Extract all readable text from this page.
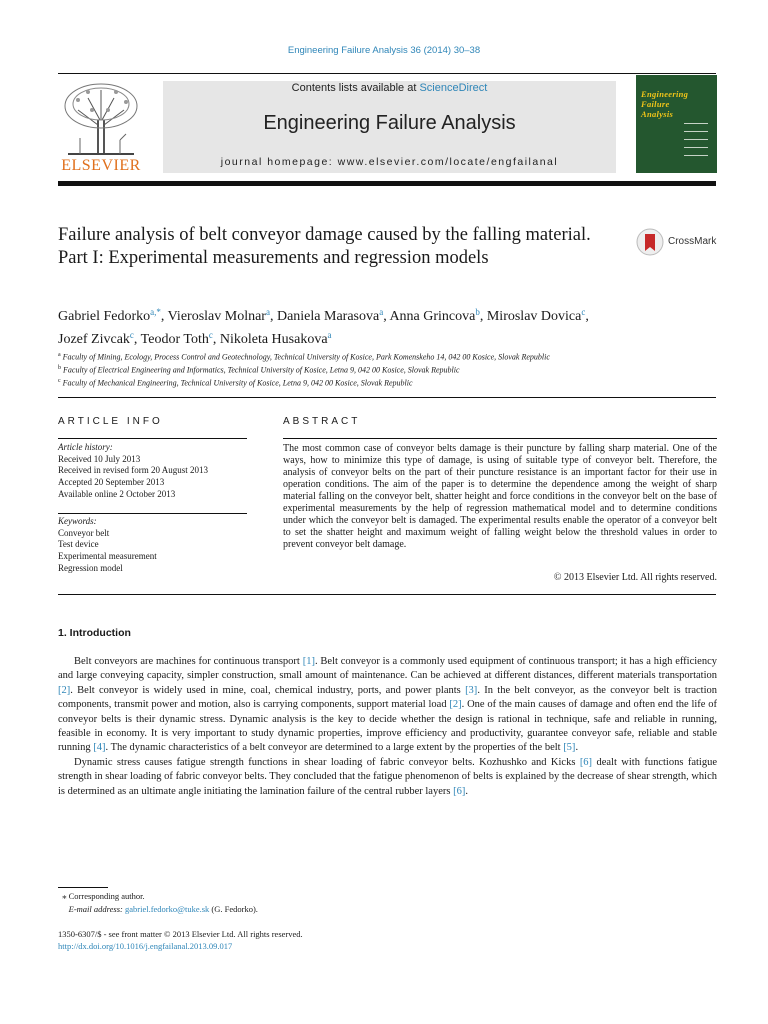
Engineering Failure Analysis 36 (2014) 30–38
ELSEVIER
Contents lists available at ScienceDirect
Engineering Failure Analysis
journal homepage: www.elsevier.com/locate/engfailanal
Engineering
Failure
Analysis
Failure analysis of belt conveyor damage caused by the falling material. Part I: Experimental measurements and regression models
CrossMark
Gabriel Fedorko$^{a,*}$, Vieroslav Molnar$^a$, Daniela Marasova$^a$, Anna Grincova$^b$, Miroslav Dovica$^c$,
Jozef Zivcak$^c$, Teodor Toth$^c$, Nikoleta Husakova$^a$
$^a$ Faculty of Mining, Ecology, Process Control and Geotechnology, Technical University of Kosice, Park Komenskeho 14, 042 00 Kosice, Slovak Republic
$^b$ Faculty of Electrical Engineering and Informatics, Technical University of Kosice, Letna 9, 042 00 Kosice, Slovak Republic
$^c$ Faculty of Mechanical Engineering, Technical University of Kosice, Letna 9, 042 00 Kosice, Slovak Republic
ARTICLE INFO	ABSTRACT
Article history:
Received 10 July 2013
Received in revised form 20 August 2013
Accepted 20 September 2013
Available online 2 October 2013
Keywords:
Conveyor belt
Test device
Experimental measurement
Regression model
The most common case of conveyor belts damage is their puncture by falling sharp material. One of the ways, how to minimize this type of damage, is using of suitable type of conveyor belt. Therefore, the analysis of conveyor belts on the part of their puncture resistance is an important factor for their use in operation conditions. The aim of the paper is to determine the dependence among the weight of sharp material falling on the conveyor belt, shatter height and force conditions in the conveyor belt on the base of experimental measurements by the help of regression mathematical model and to determine conditions under which the conveyor belt is damaged. The experimental results enable the operator of a conveyor belt to set the shatter height and maximum weight of falling weight below the threshold values in order to prevent conveyor belt damage.
© 2013 Elsevier Ltd. All rights reserved.
1. Introduction

Belt conveyors are machines for continuous transport [1]. Belt conveyor is a commonly used equipment of continuous transport; it has a high efficiency and large conveying capacity, simpler construction, small amount of maintenance. Can be achieved at different distances, different materials transportation [2]. Belt conveyor is widely used in mine, coal, chemical industry, ports, and power plants [3]. In the belt conveyor, as the conveyor belt is traction components, transmit power and motion, also is carrying components, support material load [2]. One of the main causes of damage and often end the life of conveyor belts is their dynamic stress. Dynamic analysis is the key to decide whether the design is rational in technique, safe and reliable in running, feasible in economy. It is very important to study dynamic properties, improve efficiency and productivity, guarantee conveyor safe, reliable and stable running [4]. The dynamic characteristics of a belt conveyor are determined to a large extent by the properties of the belt [5].

Dynamic stress causes fatigue strength functions in shear loading of fabric conveyor belts. Kozhushko and Kicks [6] dealt with functions fatigue strength in shear loading of fabric conveyor belts. They concluded that the fatigue phenomenon of belts is explained by the decrease of shear strength, which is determined as an ultimate angle initiating the lamination failure of the central rubber layers [6].

⁎ Corresponding author.
E-mail address: gabriel.fedorko@tuke.sk (G. Fedorko).
1350-6307/$ - see front matter © 2013 Elsevier Ltd. All rights reserved.
http://dx.doi.org/10.1016/j.engfailanal.2013.09.017
